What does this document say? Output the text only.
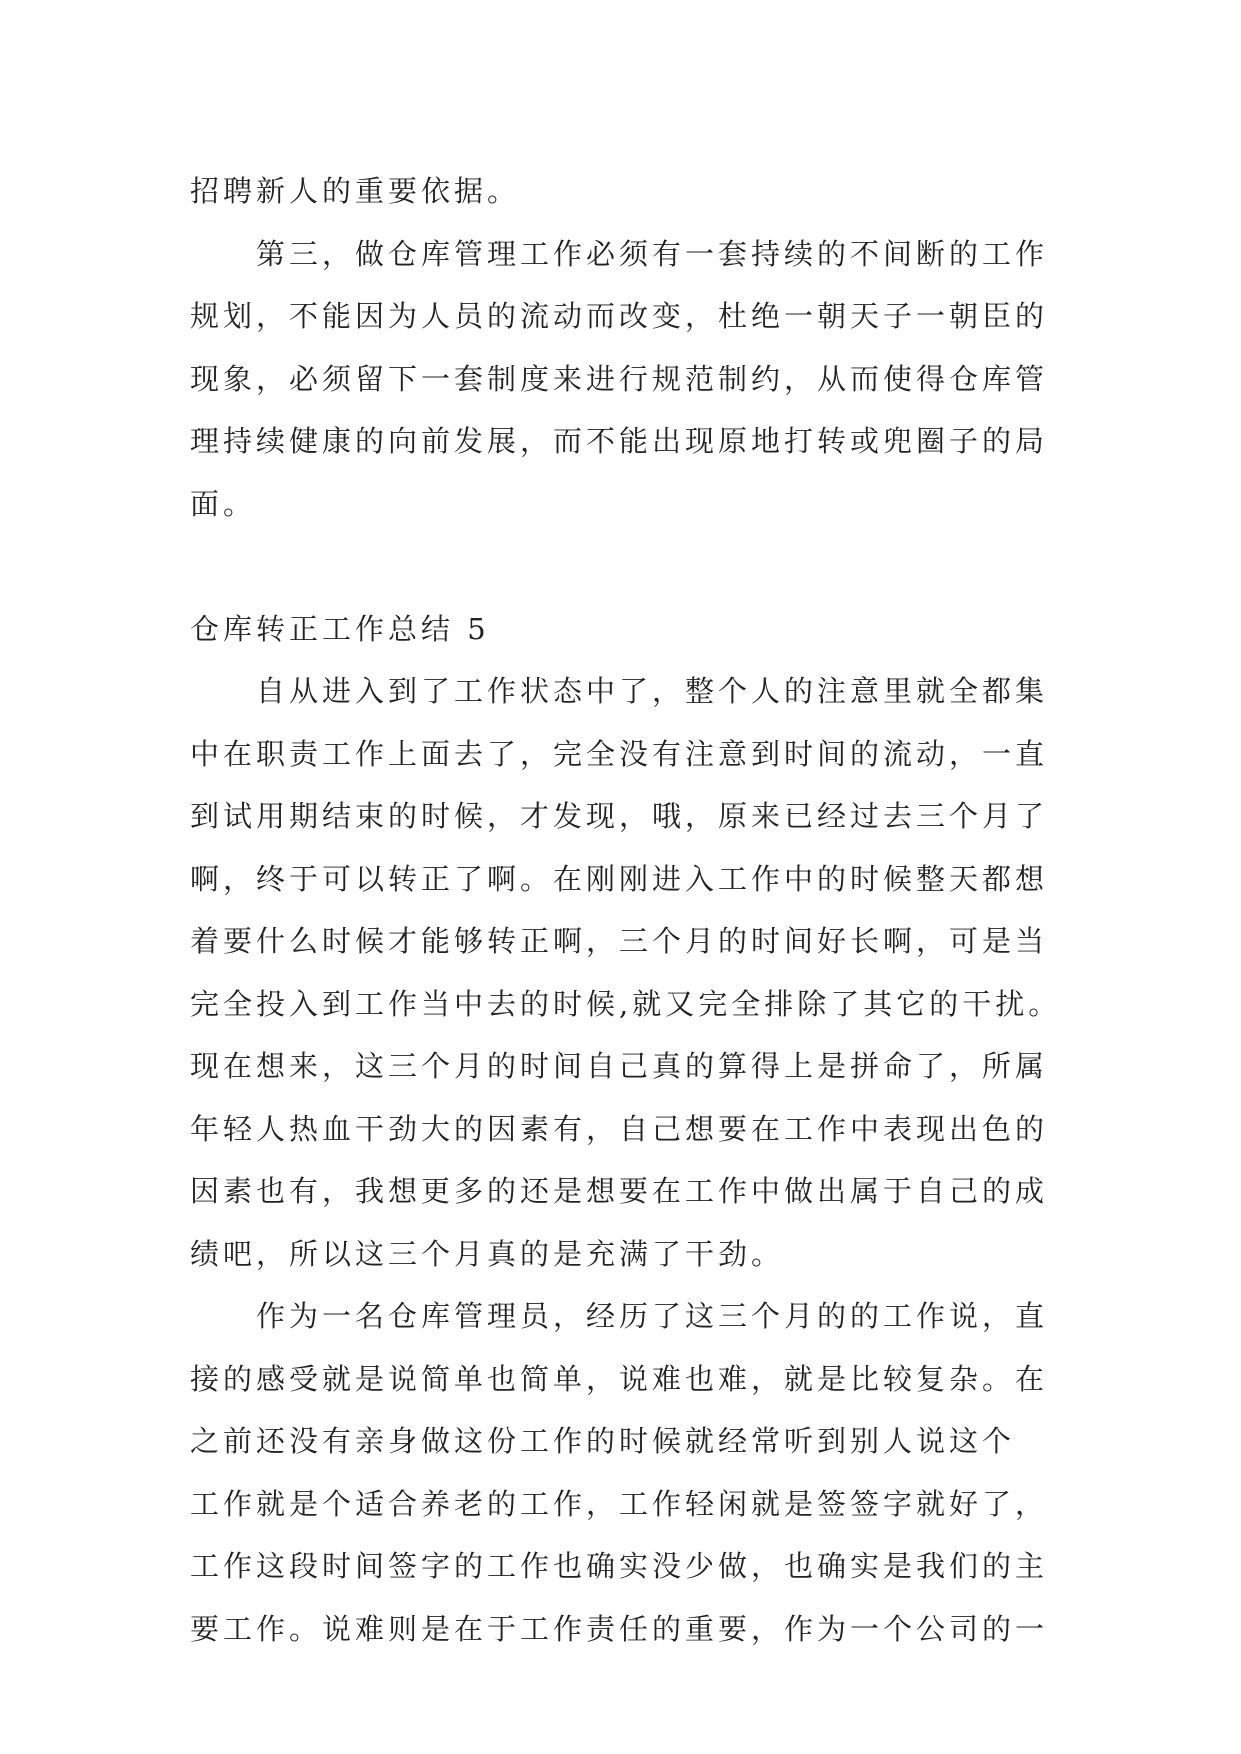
招聘新人的重要依据。
第三，做仓库管理工作必须有一套持续的不间断的工作
规划，不能因为人员的流动而改变，杜绝一朝天子一朝臣的
现象，必须留下一套制度来进行规范制约，从而使得仓库管
理持续健康的向前发展，而不能出现原地打转或兜圈子的局
面。
仓库转正工作总结 5
自从进入到了工作状态中了，整个人的注意里就全都集
中在职责工作上面去了，完全没有注意到时间的流动，一直
到试用期结束的时候，才发现，哦，原来已经过去三个月了
啊，终于可以转正了啊。在刚刚进入工作中的时候整天都想
着要什么时候才能够转正啊，三个月的时间好长啊，可是当
完全投入到工作当中去的时候,就又完全排除了其它的干扰。
现在想来，这三个月的时间自己真的算得上是拼命了，所属
年轻人热血干劲大的因素有，自己想要在工作中表现出色的
因素也有，我想更多的还是想要在工作中做出属于自己的成
绩吧，所以这三个月真的是充满了干劲。
作为一名仓库管理员，经历了这三个月的的工作说，直
接的感受就是说简单也简单，说难也难，就是比较复杂。在
之前还没有亲身做这份工作的时候就经常听到别人说这个
工作就是个适合养老的工作，工作轻闲就是签签字就好了，
工作这段时间签字的工作也确实没少做，也确实是我们的主
要工作。说难则是在于工作责任的重要，作为一个公司的一
